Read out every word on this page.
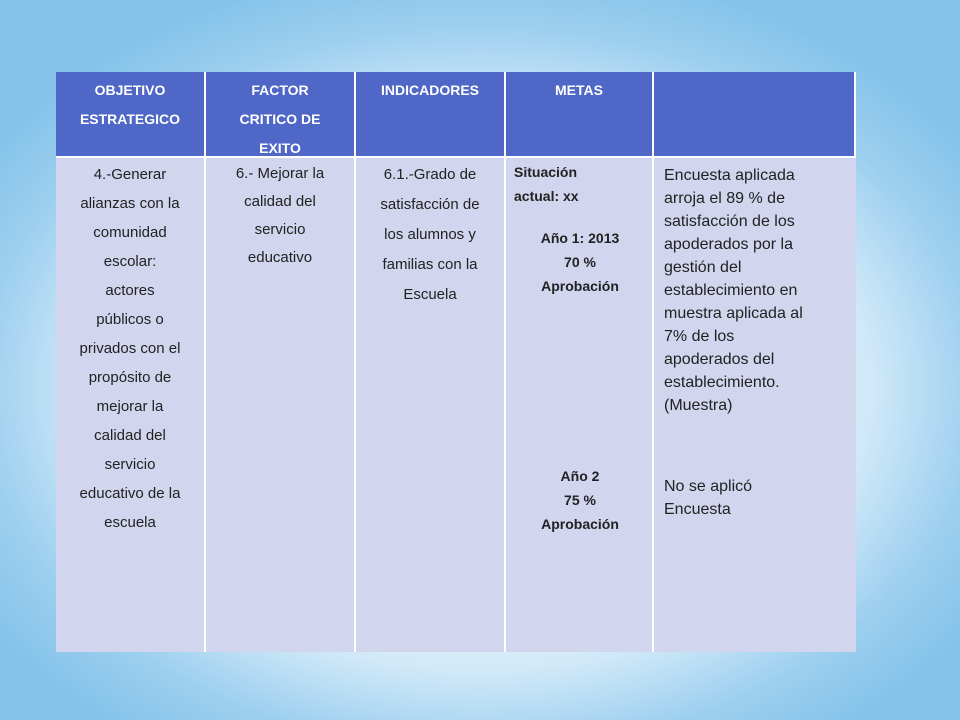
OBJETIVO
ESTRATEGICO
FACTOR
CRITICO DE
EXITO
INDICADORES	METAS
4.-Generar
alianzas con la
comunidad
escolar:
actores
públicos o
privados con el
propósito de
mejorar la
calidad del
servicio
educativo de la
escuela
6.- Mejorar la
calidad del
servicio
educativo
6.1.-Grado de
satisfacción de
los alumnos y
familias con la
Escuela
Situación
actual: xx
Año 1: 2013
70 %
Aprobación
Año 2
75 %
Aprobación
Encuesta aplicada
arroja el 89 % de
satisfacción de los
apoderados por la
gestión del
establecimiento en
muestra aplicada al
7% de los
apoderados del
establecimiento.
(Muestra)
No se aplicó
Encuesta
